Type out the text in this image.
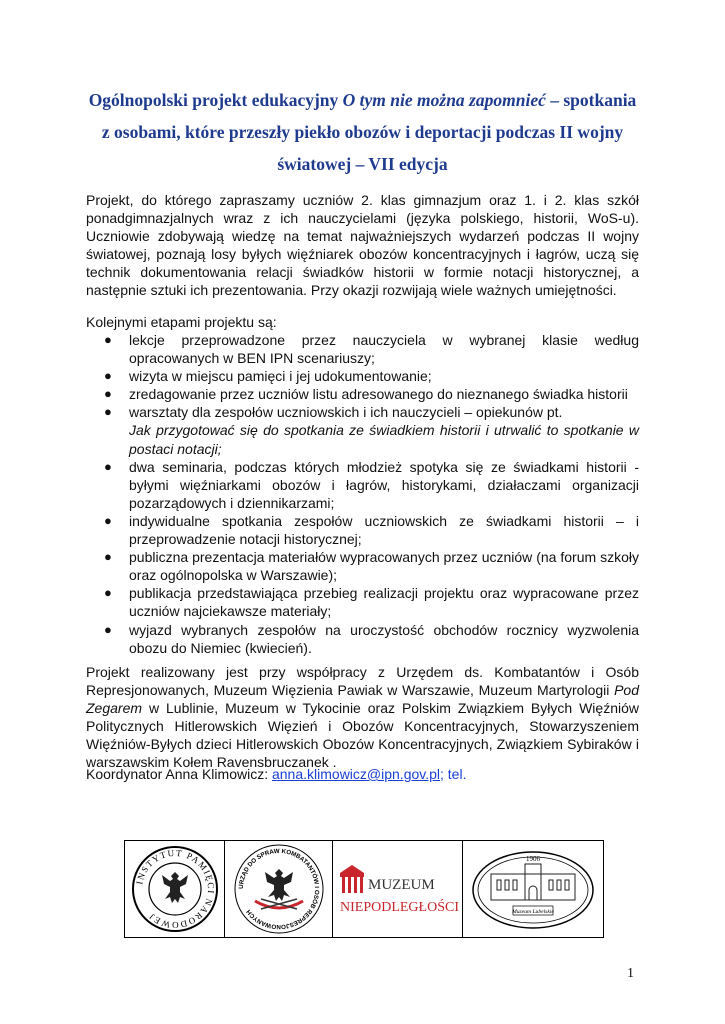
Ogólnopolski projekt edukacyjny O tym nie można zapomnieć – spotkania
z osobami, które przeszły piekło obozów i deportacji podczas II wojny
światowej – VII edycja
Projekt, do którego zapraszamy uczniów 2. klas gimnazjum oraz 1. i 2. klas szkół ponadgimnazjalnych wraz z ich nauczycielami (języka polskiego, historii, WoS-u). Uczniowie zdobywają wiedzę na temat najważniejszych wydarzeń podczas II wojny światowej, poznają losy byłych więźniarek obozów koncentracyjnych i łagrów, uczą się technik dokumentowania relacji świadków historii w formie notacji historycznej, a następnie sztuki ich prezentowania. Przy okazji rozwijają wiele ważnych umiejętności.
Kolejnymi etapami projektu są:
● lekcje przeprowadzone przez nauczyciela w wybranej klasie według opracowanych w BEN IPN scenariuszy;
● wizyta w miejscu pamięci i jej udokumentowanie;
● zredagowanie przez uczniów listu adresowanego do nieznanego świadka historii
● warsztaty dla zespołów uczniowskich i ich nauczycieli – opiekunów pt.
Jak przygotować się do spotkania ze świadkiem historii i utrwalić to spotkanie w postaci notacji;
● dwa seminaria, podczas których młodzież spotyka się ze świadkami historii - byłymi więźniarkami obozów i łagrów, historykami, działaczami organizacji pozarządowych i dziennikarzami;
● indywidualne spotkania zespołów uczniowskich ze świadkami historii – i przeprowadzenie notacji historycznej;
● publiczna prezentacja materiałów wypracowanych przez uczniów (na forum szkoły oraz ogólnopolska w Warszawie);
● publikacja przedstawiająca przebieg realizacji projektu oraz wypracowane przez uczniów najciekawsze materiały;
● wyjazd wybranych zespołów na uroczystość obchodów rocznicy wyzwolenia obozu do Niemiec (kwiecień).
Projekt realizowany jest przy współpracy z Urzędem ds. Kombatantów i Osób Represjonowanych, Muzeum Więzienia Pawiak w Warszawie, Muzeum Martyrologii Pod Zegarem w Lublinie, Muzeum w Tykocinie oraz Polskim Związkiem Byłych Więźniów Politycznych Hitlerowskich Więzień i Obozów Koncentracyjnych, Stowarzyszeniem Więźniów-Byłych dzieci Hitlerowskich Obozów Koncentracyjnych, Związkiem Sybiraków i warszawskim Kołem Ravensbruczanek .
Koordynator Anna Klimowicz: anna.klimowicz@ipn.gov.pl; tel.
INSTYTUT PAMIĘCI NARODOWEJ
URZĄD DO SPRAW KOMBATANTÓW I OSÓB REPRESJONOWANYCH
MUZEUM
NIEPODLEGŁOŚCI
1906
Muzeum Lubelskie
1
